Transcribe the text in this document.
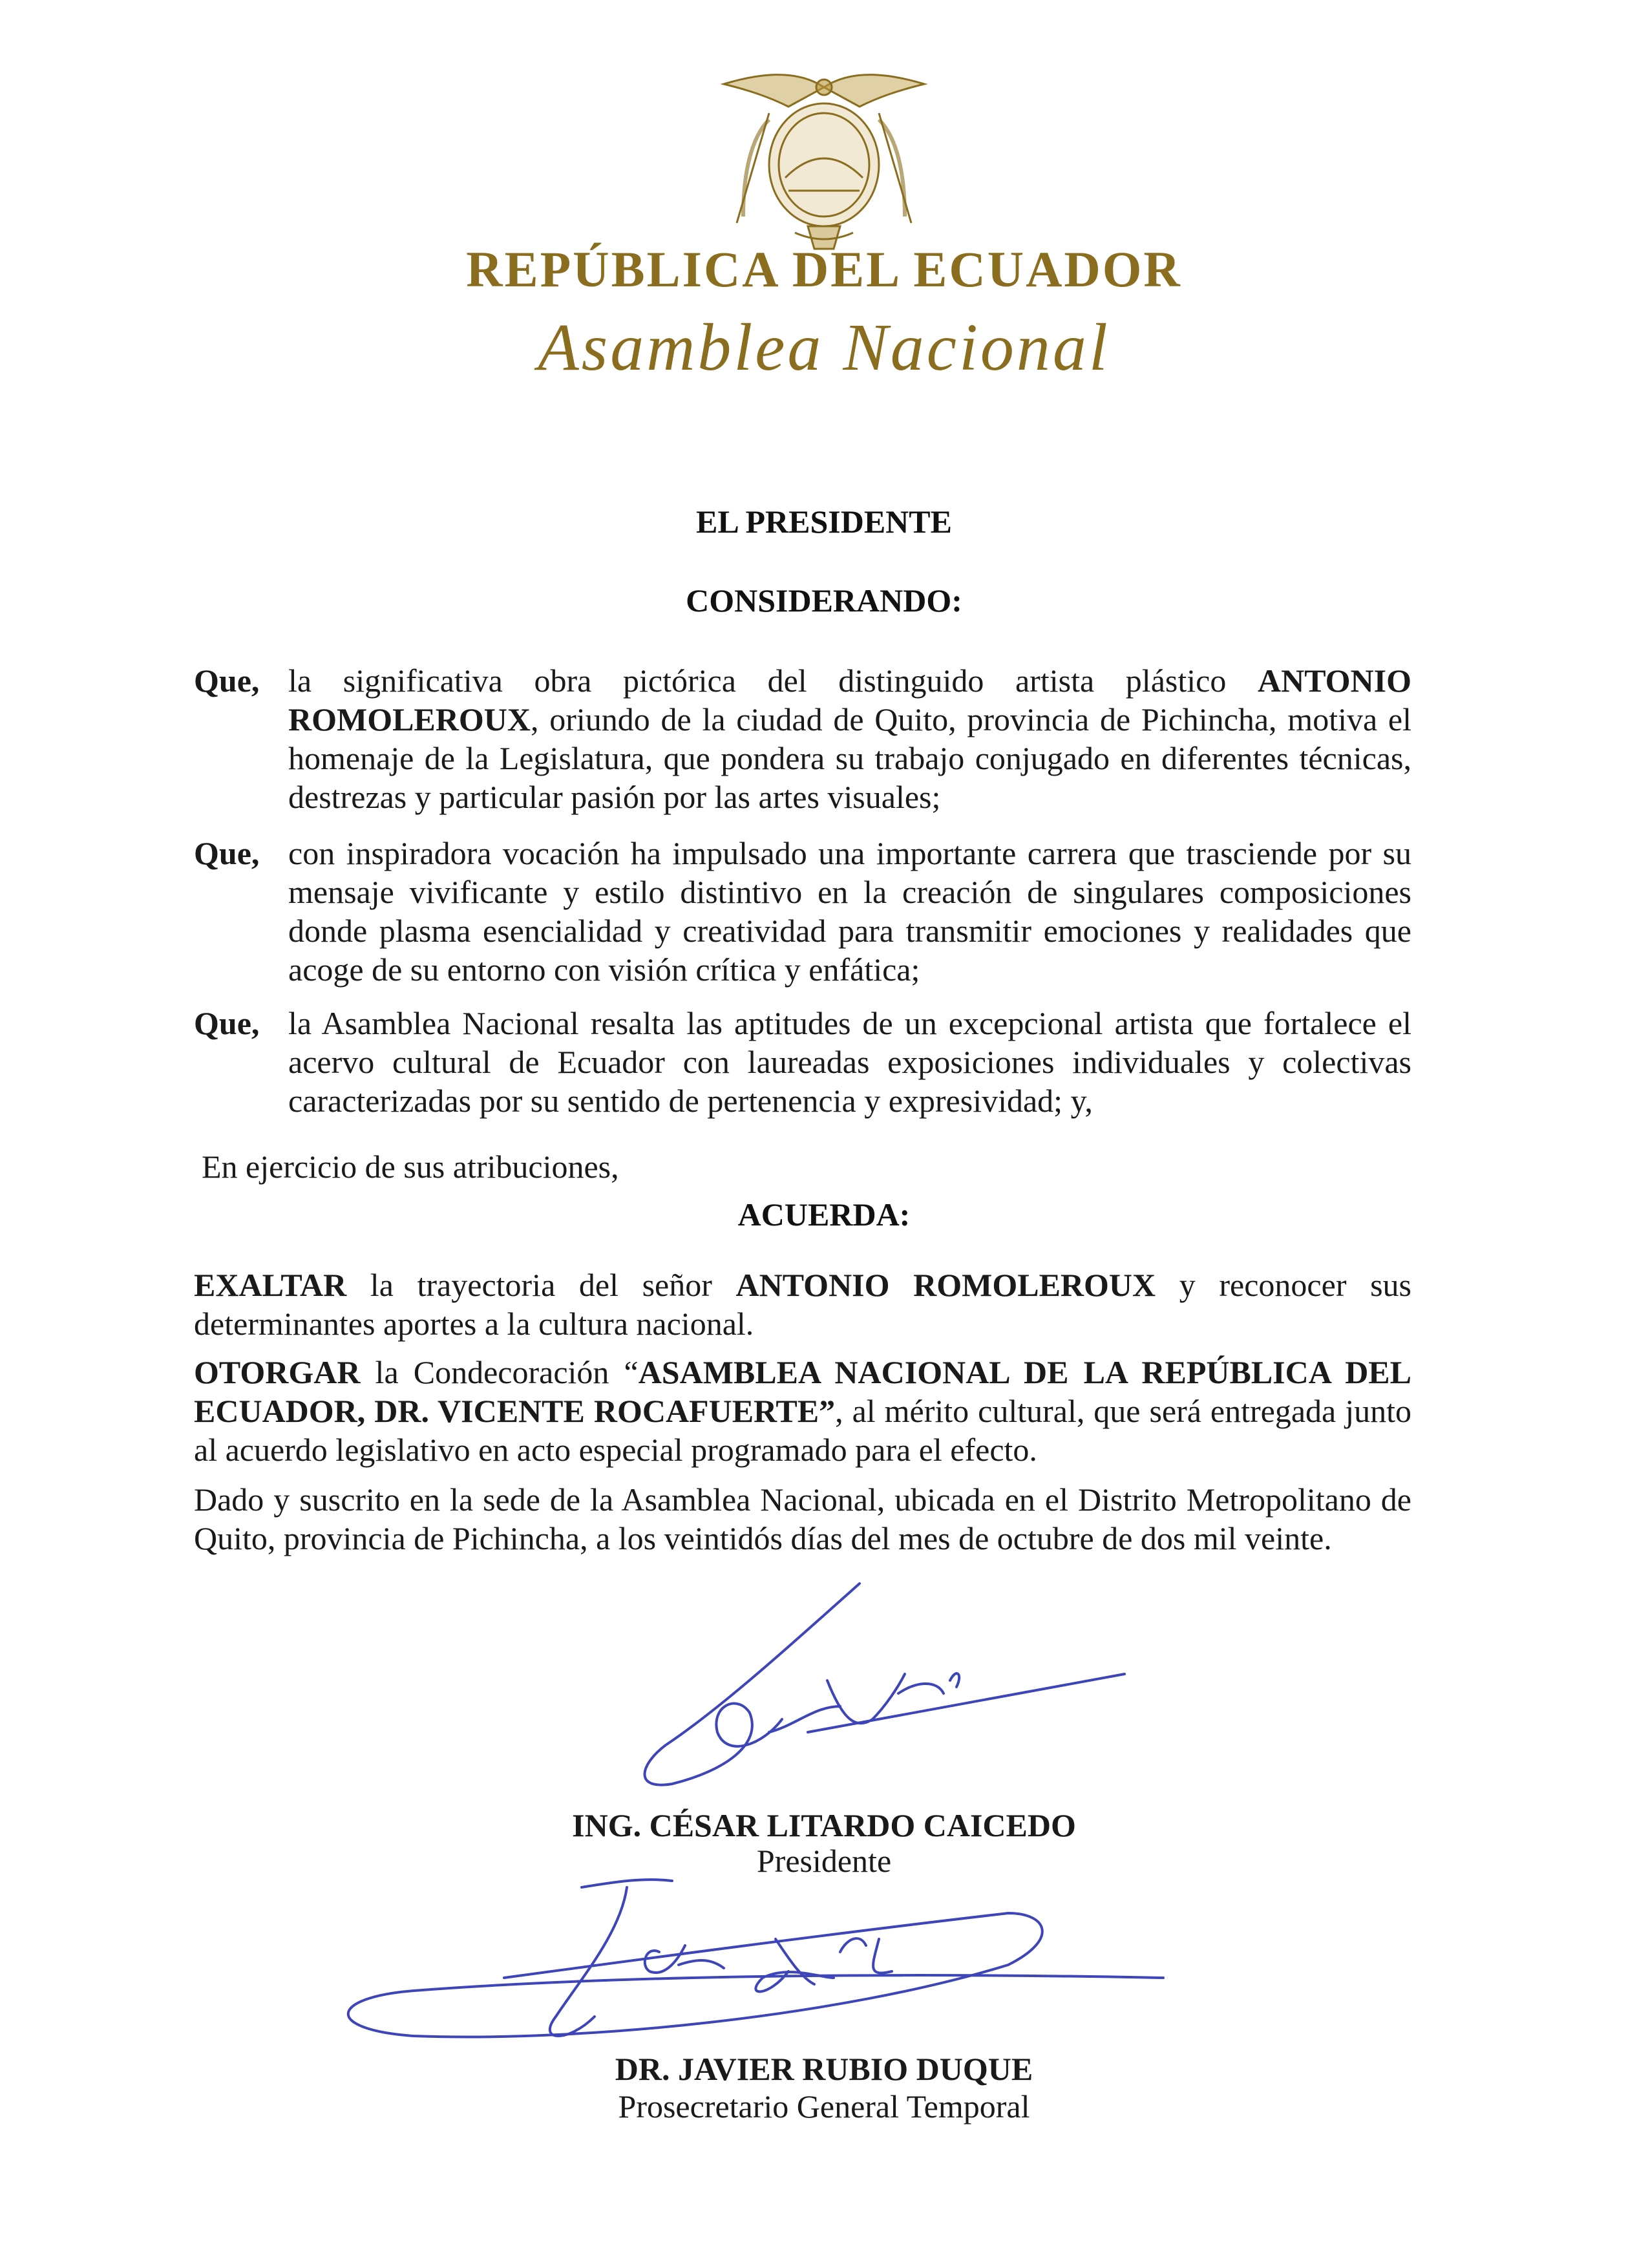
REPÚBLICA DEL ECUADOR
Asamblea Nacional
EL PRESIDENTE
CONSIDERANDO:
Que, la significativa obra pictórica del distinguido artista plástico ANTONIO ROMOLEROUX, oriundo de la ciudad de Quito, provincia de Pichincha, motiva el homenaje de la Legislatura, que pondera su trabajo conjugado en diferentes técnicas, destrezas y particular pasión por las artes visuales;
Que, con inspiradora vocación ha impulsado una importante carrera que trasciende por su mensaje vivificante y estilo distintivo en la creación de singulares composiciones donde plasma esencialidad y creatividad para transmitir emociones y realidades que acoge de su entorno con visión crítica y enfática;
Que, la Asamblea Nacional resalta las aptitudes de un excepcional artista que fortalece el acervo cultural de Ecuador con laureadas exposiciones individuales y colectivas caracterizadas por su sentido de pertenencia y expresividad; y,
En ejercicio de sus atribuciones,
ACUERDA:
EXALTAR la trayectoria del señor ANTONIO ROMOLEROUX y reconocer sus determinantes aportes a la cultura nacional.
OTORGAR la Condecoración “ASAMBLEA NACIONAL DE LA REPÚBLICA DEL ECUADOR, DR. VICENTE ROCAFUERTE”, al mérito cultural, que será entregada junto al acuerdo legislativo en acto especial programado para el efecto.
Dado y suscrito en la sede de la Asamblea Nacional, ubicada en el Distrito Metropolitano de Quito, provincia de Pichincha, a los veintidós días del mes de octubre de dos mil veinte.
ING. CÉSAR LITARDO CAICEDO
Presidente
DR. JAVIER RUBIO DUQUE
Prosecretario General Temporal
